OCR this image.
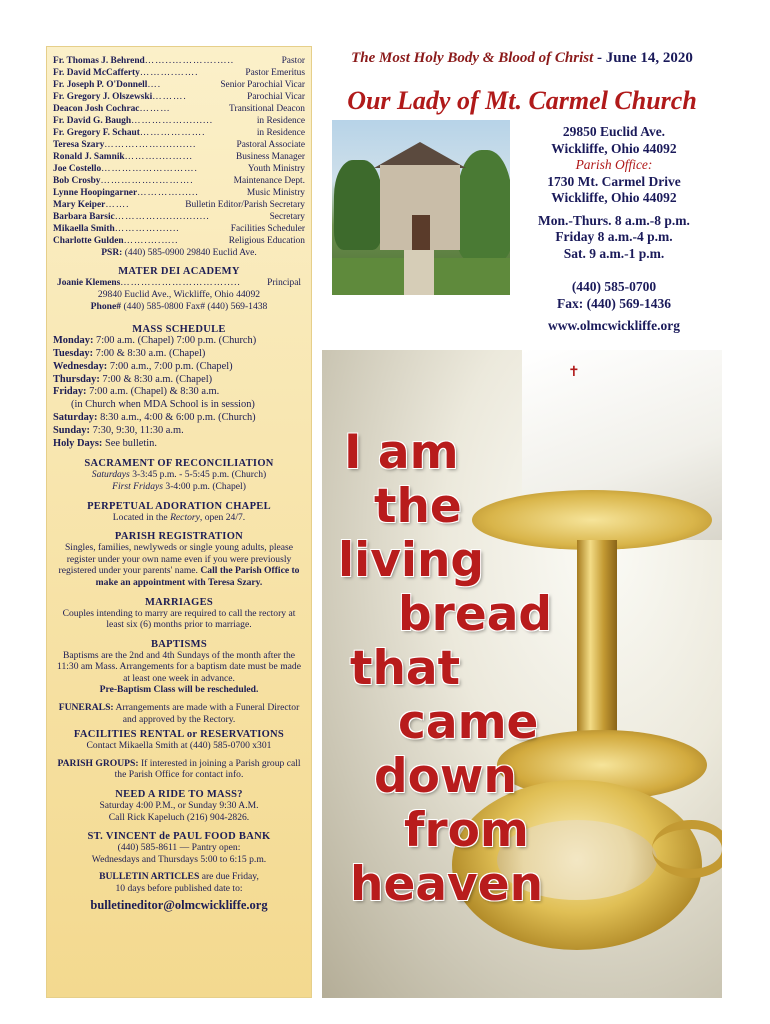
Fr. Thomas J. Behrend ……..………….…..	Pastor
Fr. David McCafferty ……….…….	Pastor Emeritus
Fr. Joseph P. O'Donnell ….	Senior Parochial Vicar
Fr. Gregory J. Olszewski ……….	Parochial Vicar
Deacon Josh Cochrac ………	Transitional Deacon
Fr. David G. Baugh …………….........	in Residence
Fr. Gregory F. Schaut ……………….	in Residence
Teresa Szary ……….……...........	Pastoral Associate
Ronald J. Samnik ……….....…...	Business Manager
Joe Costello ……………………….	Youth Ministry
Bob Crosby ……………..……….	Maintenance Dept.
Lynne Hoopingarner …………......	Music Ministry
Mary Keiper …….	Bulletin Editor/Parish Secretary
Barbara Barsic …………................	Secretary
Mikaella Smith ………….......	Facilities Scheduler
Charlotte Gulden …….….…..	Religious Education
PSR: (440) 585-0900 29840 Euclid Ave.
MATER DEI ACADEMY
Joanie Klemens ………………………….....	Principal
29840 Euclid Ave., Wickliffe, Ohio 44092
Phone# (440) 585-0800 Fax# (440) 569-1438
MASS SCHEDULE
Monday: 7:00 a.m. (Chapel) 7:00 p.m. (Church)
Tuesday: 7:00 & 8:30 a.m. (Chapel)
Wednesday: 7:00 a.m., 7:00 p.m. (Chapel)
Thursday: 7:00 & 8:30 a.m. (Chapel)
Friday: 7:00 a.m. (Chapel) & 8:30 a.m.
(in Church when MDA School is in session)
Saturday: 8:30 a.m., 4:00 & 6:00 p.m. (Church)
Sunday: 7:30, 9:30, 11:30 a.m.
Holy Days: See bulletin.
SACRAMENT OF RECONCILIATION
Saturdays 3-3:45 p.m. - 5-5:45 p.m. (Church)
First Fridays 3-4:00 p.m. (Chapel)
PERPETUAL ADORATION CHAPEL
Located in the Rectory, open 24/7.
PARISH REGISTRATION
Singles, families, newlyweds or single young adults, please register under your own name even if you were previously registered under your parents' name. Call the Parish Office to make an appointment with Teresa Szary.
MARRIAGES
Couples intending to marry are required to call the rectory at least six (6) months prior to marriage.
BAPTISMS
Baptisms are the 2nd and 4th Sundays of the month after the 11:30 am Mass. Arrangements for a baptism date must be made at least one week in advance.
Pre-Baptism Class will be rescheduled.
FUNERALS: Arrangements are made with a Funeral Director and approved by the Rectory.
FACILITIES RENTAL or RESERVATIONS
Contact Mikaella Smith at (440) 585-0700 x301
PARISH GROUPS: If interested in joining a Parish group call the Parish Office for contact info.
NEED A RIDE TO MASS?
Saturday 4:00 P.M., or Sunday 9:30 A.M.
Call Rick Kapeluch (216) 904-2826.
ST. VINCENT de PAUL FOOD BANK
(440) 585-8611 — Pantry open:
Wednesdays and Thursdays 5:00 to 6:15 p.m.
BULLETIN ARTICLES are due Friday,
10 days before published date to:
bulletineditor@olmcwickliffe.org
The Most Holy Body & Blood of Christ - June 14, 2020
Our Lady of Mt. Carmel Church
29850 Euclid Ave.
Wickliffe, Ohio 44092
Parish Office:
1730 Mt. Carmel Drive
Wickliffe, Ohio 44092
Mon.-Thurs. 8 a.m.-8 p.m.
Friday 8 a.m.-4 p.m.
Sat. 9 a.m.-1 p.m.
(440) 585-0700
Fax: (440) 569-1436
www.olmcwickliffe.org
✝
I am
the
living
bread
that
came
down
from
heaven
